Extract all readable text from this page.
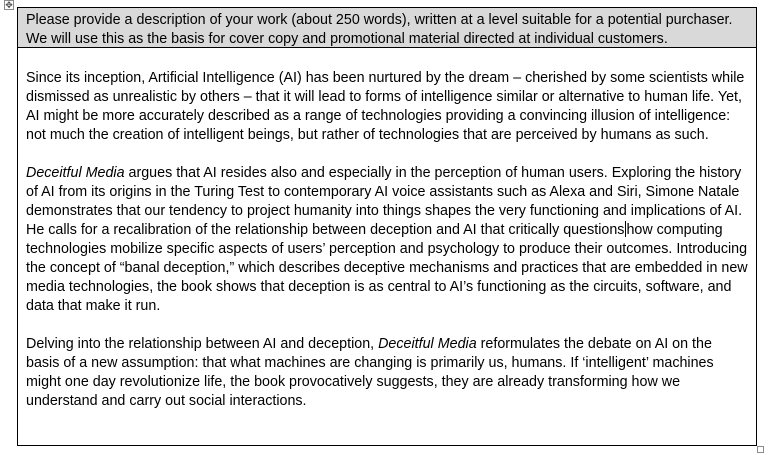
✥
Please provide a description of your work (about 250 words), written at a level suitable for a potential purchaser. We will use this as the basis for cover copy and promotional material directed at individual customers.

Since its inception, Artificial Intelligence (AI) has been nurtured by the dream – cherished by some scientists while dismissed as unrealistic by others – that it will lead to forms of intelligence similar or alternative to human life. Yet, AI might be more accurately described as a range of technologies providing a convincing illusion of intelligence: not much the creation of intelligent beings, but rather of technologies that are perceived by humans as such.

Deceitful Media argues that AI resides also and especially in the perception of human users. Exploring the history of AI from its origins in the Turing Test to contemporary AI voice assistants such as Alexa and Siri, Simone Natale demonstrates that our tendency to project humanity into things shapes the very functioning and implications of AI. He calls for a recalibration of the relationship between deception and AI that critically questions how computing technologies mobilize specific aspects of users’ perception and psychology to produce their outcomes. Introducing the concept of “banal deception,” which describes deceptive mechanisms and practices that are embedded in new media technologies, the book shows that deception is as central to AI’s functioning as the circuits, software, and data that make it run.

Delving into the relationship between AI and deception, Deceitful Media reformulates the debate on AI on the basis of a new assumption: that what machines are changing is primarily us, humans. If ‘intelligent’ machines might one day revolutionize life, the book provocatively suggests, they are already transforming how we understand and carry out social interactions.
